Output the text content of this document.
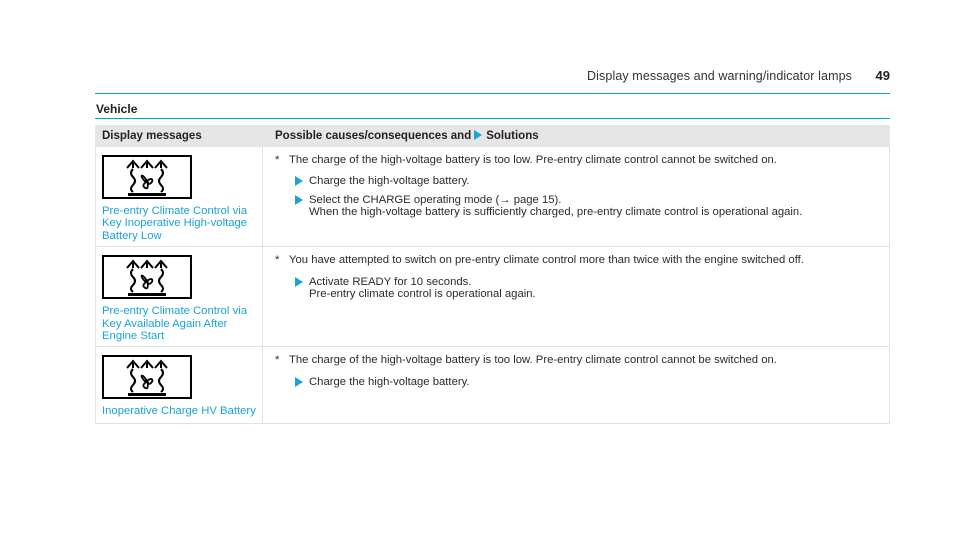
Display messages and warning/indicator lamps 49
Vehicle
Display messages	Possible causes/consequences and Solutions

Pre-entry Climate Control via Key Inoperative High-voltage Battery Low	* The charge of the high-voltage battery is too low. Pre-entry climate control cannot be switched on.

Charge the high-voltage battery.
Select the CHARGE operating mode (→ page 15).
When the high-voltage battery is sufficiently charged, pre-entry climate control is operational again.

Pre-entry Climate Control via Key Available Again After Engine Start	* You have attempted to switch on pre-entry climate control more than twice with the engine switched off.

Activate READY for 10 seconds.
Pre-entry climate control is operational again.

Inoperative Charge HV Battery	* The charge of the high-voltage battery is too low. Pre-entry climate control cannot be switched on.

Charge the high-voltage battery.
